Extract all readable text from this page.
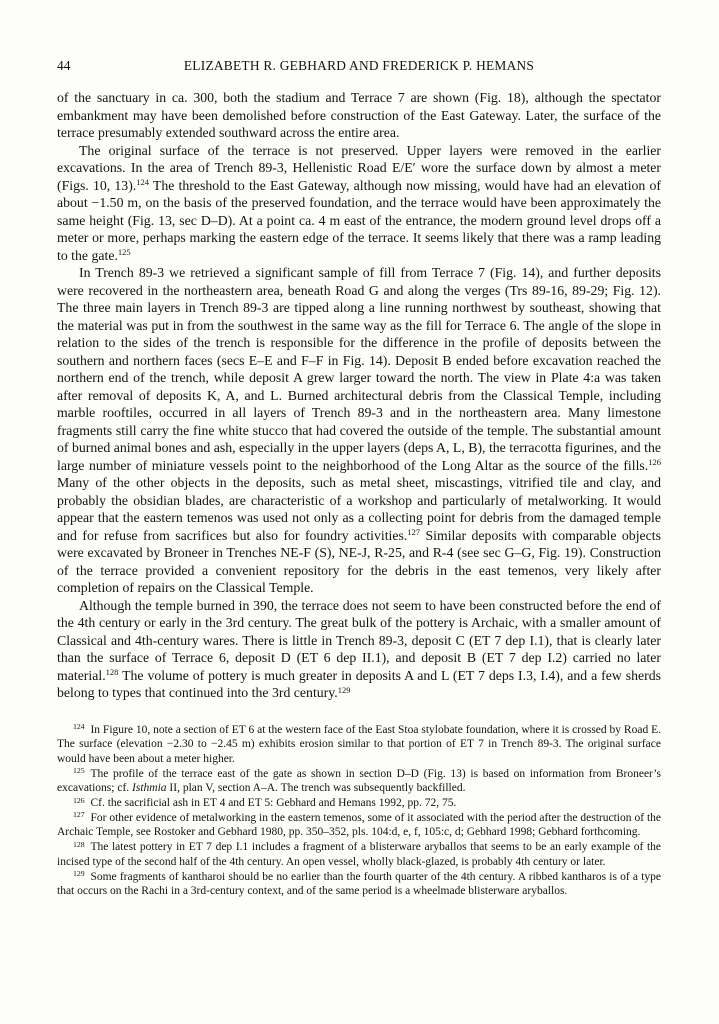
44	ELIZABETH R. GEBHARD AND FREDERICK P. HEMANS

of the sanctuary in ca. 300, both the stadium and Terrace 7 are shown (Fig. 18), although the spectator embankment may have been demolished before construction of the East Gateway. Later, the surface of the terrace presumably extended southward across the entire area.

The original surface of the terrace is not preserved. Upper layers were removed in the earlier excavations. In the area of Trench 89-3, Hellenistic Road E/E′ wore the surface down by almost a meter (Figs. 10, 13).$^{124}$ The threshold to the East Gateway, although now missing, would have had an elevation of about −1.50 m, on the basis of the preserved foundation, and the terrace would have been approximately the same height (Fig. 13, sec D–D). At a point ca. 4 m east of the entrance, the modern ground level drops off a meter or more, perhaps marking the eastern edge of the terrace. It seems likely that there was a ramp leading to the gate.$^{125}$

In Trench 89-3 we retrieved a significant sample of fill from Terrace 7 (Fig. 14), and further deposits were recovered in the northeastern area, beneath Road G and along the verges (Trs 89-16, 89-29; Fig. 12). The three main layers in Trench 89-3 are tipped along a line running northwest by southeast, showing that the material was put in from the southwest in the same way as the fill for Terrace 6. The angle of the slope in relation to the sides of the trench is responsible for the difference in the profile of deposits between the southern and northern faces (secs E–E and F–F in Fig. 14). Deposit B ended before excavation reached the northern end of the trench, while deposit A grew larger toward the north. The view in Plate 4:a was taken after removal of deposits K, A, and L. Burned architectural debris from the Classical Temple, including marble rooftiles, occurred in all layers of Trench 89-3 and in the northeastern area. Many limestone fragments still carry the fine white stucco that had covered the outside of the temple. The substantial amount of burned animal bones and ash, especially in the upper layers (deps A, L, B), the terracotta figurines, and the large number of miniature vessels point to the neighborhood of the Long Altar as the source of the fills.$^{126}$ Many of the other objects in the deposits, such as metal sheet, miscastings, vitrified tile and clay, and probably the obsidian blades, are characteristic of a workshop and particularly of metalworking. It would appear that the eastern temenos was used not only as a collecting point for debris from the damaged temple and for refuse from sacrifices but also for foundry activities.$^{127}$ Similar deposits with comparable objects were excavated by Broneer in Trenches NE-F (S), NE-J, R-25, and R-4 (see sec G–G, Fig. 19). Construction of the terrace provided a convenient repository for the debris in the east temenos, very likely after completion of repairs on the Classical Temple.

Although the temple burned in 390, the terrace does not seem to have been constructed before the end of the 4th century or early in the 3rd century. The great bulk of the pottery is Archaic, with a smaller amount of Classical and 4th-century wares. There is little in Trench 89-3, deposit C (ET 7 dep I.1), that is clearly later than the surface of Terrace 6, deposit D (ET 6 dep II.1), and deposit B (ET 7 dep I.2) carried no later material.$^{128}$ The volume of pottery is much greater in deposits A and L (ET 7 deps I.3, I.4), and a few sherds belong to types that continued into the 3rd century.$^{129}$

$^{124}$  In Figure 10, note a section of ET 6 at the western face of the East Stoa stylobate foundation, where it is crossed by Road E. The surface (elevation −2.30 to −2.45 m) exhibits erosion similar to that portion of ET 7 in Trench 89-3. The original surface would have been about a meter higher.

$^{125}$  The profile of the terrace east of the gate as shown in section D–D (Fig. 13) is based on information from Broneer’s excavations; cf. Isthmia II, plan V, section A–A. The trench was subsequently backfilled.

$^{126}$  Cf. the sacrificial ash in ET 4 and ET 5: Gebhard and Hemans 1992, pp. 72, 75.

$^{127}$  For other evidence of metalworking in the eastern temenos, some of it associated with the period after the destruction of the Archaic Temple, see Rostoker and Gebhard 1980, pp. 350–352, pls. 104:d, e, f, 105:c, d; Gebhard 1998; Gebhard forthcoming.

$^{128}$  The latest pottery in ET 7 dep I.1 includes a fragment of a blisterware aryballos that seems to be an early example of the incised type of the second half of the 4th century. An open vessel, wholly black-glazed, is probably 4th century or later.

$^{129}$  Some fragments of kantharoi should be no earlier than the fourth quarter of the 4th century. A ribbed kantharos is of a type that occurs on the Rachi in a 3rd-century context, and of the same period is a wheelmade blisterware aryballos.
